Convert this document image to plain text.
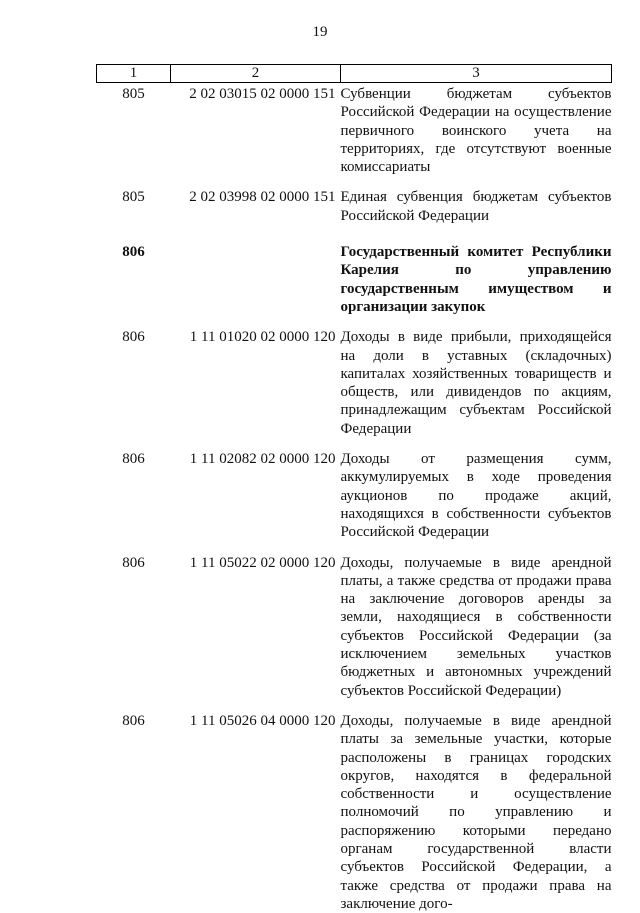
19
1	2	3
805	2 02 03015 02 0000 151	Субвенции бюджетам субъектов Российской Федерации на осуществление первичного воинского учета на территориях, где отсутствуют военные комиссариаты
805	2 02 03998 02 0000 151	Единая субвенция бюджетам субъектов Российской Федерации
806		Государственный комитет Республики Карелия по управлению государственным имуществом и организации закупок
806	1 11 01020 02 0000 120	Доходы в виде прибыли, приходящейся на доли в уставных (складочных) капиталах хозяйственных товариществ и обществ, или дивидендов по акциям, принадлежащим субъектам Российской Федерации
806	1 11 02082 02 0000 120	Доходы от размещения сумм, аккумулируемых в ходе проведения аукционов по продаже акций, находящихся в собственности субъектов Российской Федерации
806	1 11 05022 02 0000 120	Доходы, получаемые в виде арендной платы, а также средства от продажи права на заключение договоров аренды за земли, находящиеся в собственности субъектов Российской Федерации (за исключением земельных участков бюджетных и автономных учреждений субъектов Российской Федерации)
806	1 11 05026 04 0000 120	Доходы, получаемые в виде арендной платы за земельные участки, которые расположены в границах городских округов, находятся в федеральной собственности и осуществление полномочий по управлению и распоряжению которыми передано органам государственной власти субъектов Российской Федерации, а также средства от продажи права на заключение дого-
